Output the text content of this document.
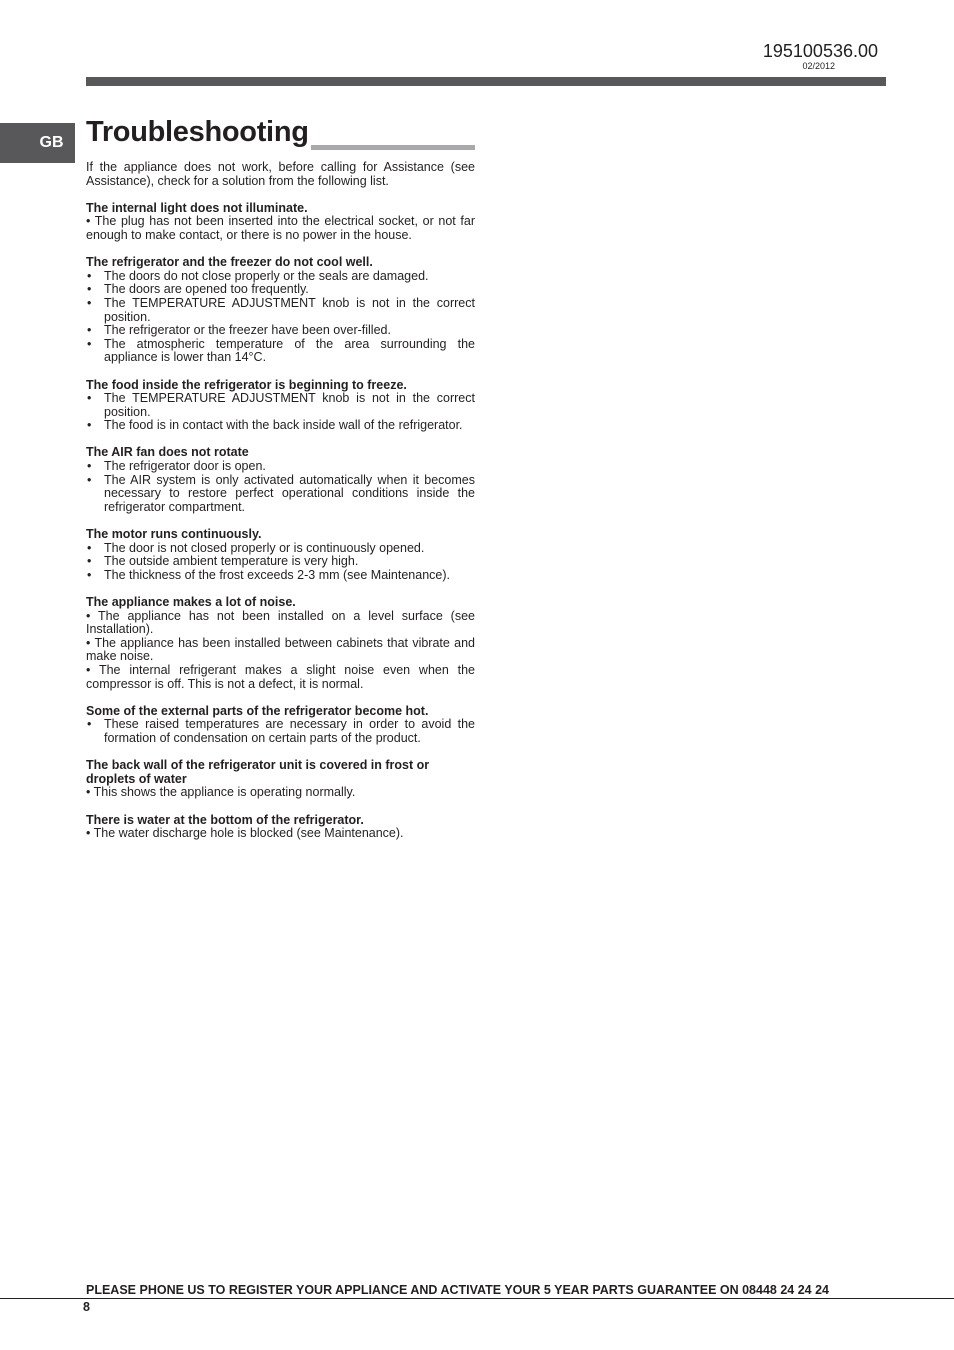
195100536.00
02/2012
GB Troubleshooting

If the appliance does not work, before calling for Assistance (see Assistance), check for a solution from the following list.

The internal light does not illuminate.

• The plug has not been inserted into the electrical socket, or not far enough to make contact, or there is no power in the house.

The refrigerator and the freezer do not cool well.
• The doors do not close properly or the seals are damaged.
• The doors are opened too frequently.
• The TEMPERATURE ADJUSTMENT knob is not in the correct position.
• The refrigerator or the freezer have been over-filled.
• The atmospheric temperature of the area surrounding the appliance is lower than 14°C.
The food inside the refrigerator is beginning to freeze.
• The TEMPERATURE ADJUSTMENT knob is not in the correct position.
• The food is in contact with the back inside wall of the refrigerator.
The AIR fan does not rotate
• The refrigerator door is open.
• The AIR system is only activated automatically when it becomes necessary to restore perfect operational conditions inside the refrigerator compartment.
The motor runs continuously.
• The door is not closed properly or is continuously opened.
• The outside ambient temperature is very high.
• The thickness of the frost exceeds 2-3 mm (see Maintenance).
The appliance makes a lot of noise.

• The appliance has not been installed on a level surface (see Installation).

• The appliance has been installed between cabinets that vibrate and make noise.

• The internal refrigerant makes a slight noise even when the compressor is off. This is not a defect, it is normal.

Some of the external parts of the refrigerator become hot.
• These raised temperatures are necessary in order to avoid the formation of condensation on certain parts of the product.
The back wall of the refrigerator unit is covered in frost or droplets of water

• This shows the appliance is operating normally.

There is water at the bottom of the refrigerator.

• The water discharge hole is blocked (see Maintenance).

PLEASE PHONE US TO REGISTER YOUR APPLIANCE AND ACTIVATE YOUR 5 YEAR PARTS GUARANTEE ON 08448 24 24 24
8
